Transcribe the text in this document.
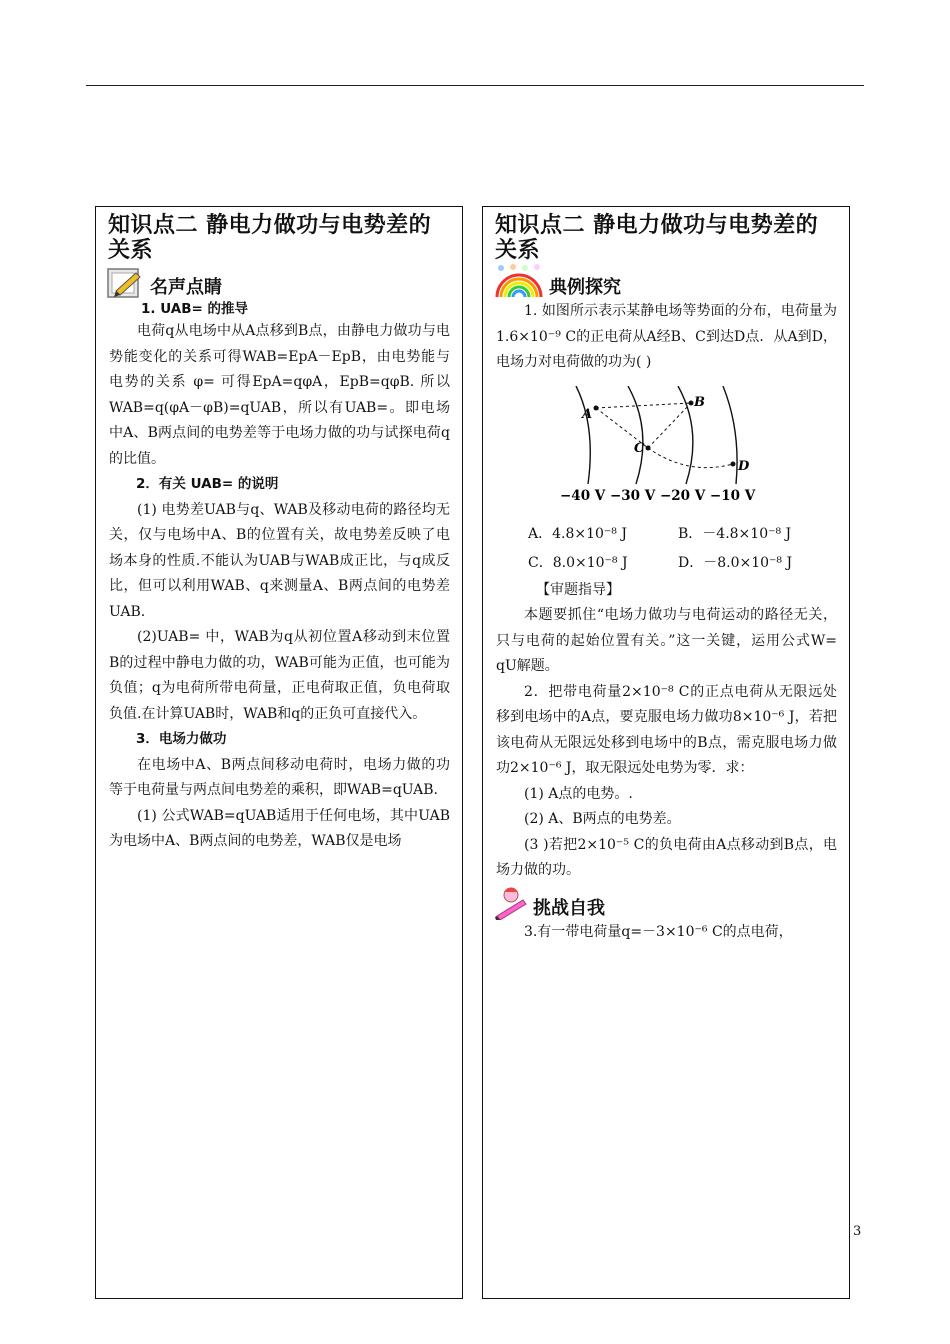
知识点二 静电力做功与电势差的关系
名声点睛
1. UAB= 的推导

电荷q从电场中从A点移到B点，由静电力做功与电势能变化的关系可得WAB=EpA－EpB，由电势能与电势的关系 φ= 可得EpA=qφA，EpB=qφB. 所以WAB=q(φA－φB)=qUAB，所以有UAB=。即电场中A、B两点间的电势差等于电场力做的功与试探电荷q的比值。

2．有关 UAB= 的说明

(1) 电势差UAB与q、WAB及移动电荷的路径均无关，仅与电场中A、B的位置有关，故电势差反映了电场本身的性质.不能认为UAB与WAB成正比，与q成反比，但可以利用WAB、q来测量A、B两点间的电势差UAB.

(2)UAB= 中，WAB为q从初位置A移动到末位置B的过程中静电力做的功，WAB可能为正值，也可能为负值；q为电荷所带电荷量，正电荷取正值，负电荷取负值.在计算UAB时，WAB和q的正负可直接代入。

3．电场力做功

在电场中A、B两点间移动电荷时，电场力做的功等于电荷量与两点间电势差的乘积，即WAB=qUAB.

(1) 公式WAB=qUAB适用于任何电场，其中UAB为电场中A、B两点间的电势差，WAB仅是电场

知识点二 静电力做功与电势差的关系
典例探究

1. 如图所示表示某静电场等势面的分布，电荷量为1.6×10⁻⁹ C的正电荷从A经B、C到达D点．从A到D，电场力对电荷做的功为( )

A
B
C
D
−40 V −30 V −20 V −10 V
A．4.8×10⁻⁸ J	B．－4.8×10⁻⁸ J
C．8.0×10⁻⁸ J	D．－8.0×10⁻⁸ J

【审题指导】

本题要抓住“电场力做功与电荷运动的路径无关，只与电荷的起始位置有关。”这一关键，运用公式W= qU解题。

2．把带电荷量2×10⁻⁸ C的正点电荷从无限远处移到电场中的A点，要克服电场力做功8×10⁻⁶ J，若把该电荷从无限远处移到电场中的B点，需克服电场力做功2×10⁻⁶ J，取无限远处电势为零．求：

(1) A点的电势。.

(2) A、B两点的电势差。

(3 )若把2×10⁻⁵ C的负电荷由A点移动到B点，电场力做的功。

挑战自我

3.有一带电荷量q=－3×10⁻⁶ C的点电荷，

3
